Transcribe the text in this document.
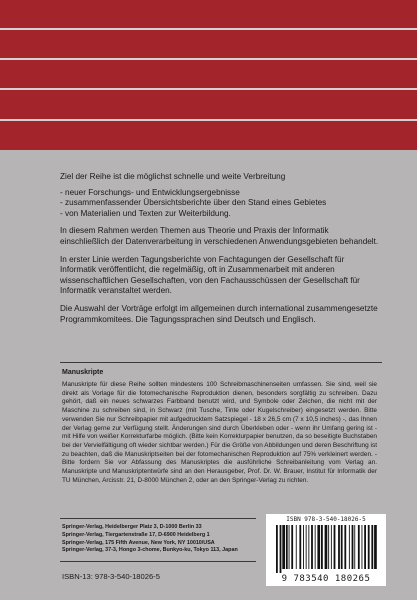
Ziel der Reihe ist die möglichst schnelle und weite Verbreitung

- neuer Forschungs- und Entwicklungsergebnisse

- zusammenfassender Übersichtsberichte über den Stand eines Gebietes

- von Materialien und Texten zur Weiterbildung.

In diesem Rahmen werden Themen aus Theorie und Praxis der Informatik einschließlich der Datenverarbeitung in verschiedenen Anwendungsgebieten behandelt.

In erster Linie werden Tagungsberichte von Fachtagungen der Gesellschaft für Informatik veröffentlicht, die regelmäßig, oft in Zusammenarbeit mit anderen wissenschaftlichen Gesellschaften, von den Fachausschüssen der Gesellschaft für Informatik veranstaltet werden.

Die Auswahl der Vorträge erfolgt im allgemeinen durch international zusammengesetzte Programmkomitees. Die Tagungssprachen sind Deutsch und Englisch.

Manuskripte
Manuskripte für diese Reihe sollten mindestens 100 Schreibmaschinenseiten umfassen. Sie sind, weil sie direkt als Vorlage für die fotomechanische Reproduktion dienen, besonders sorgfältig zu schreiben. Dazu gehört, daß ein neues schwarzes Farbband benutzt wird, und Symbole oder Zeichen, die nicht mit der Maschine zu schreiben sind, in Schwarz (mit Tusche, Tinte oder Kugelschreiber) eingesetzt werden. Bitte verwenden Sie nur Schreibpapier mit aufgedrucktem Satzspiegel - 18 x 26,5 cm (7 x 10,5 inches) -, das Ihnen der Verlag gerne zur Verfügung stellt. Änderungen sind durch Überkleben oder - wenn ihr Umfang gering ist - mit Hilfe von weißer Korrekturfarbe möglich. (Bitte kein Korrekturpapier benutzen, da so beseitigte Buchstaben bei der Vervielfältigung oft wieder sichtbar werden.) Für die Größe von Abbildungen und deren Beschriftung ist zu beachten, daß die Manuskriptseiten bei der fotomechanischen Reproduktion auf 75% verkleinert werden. - Bitte fordern Sie vor Abfassung des Manuskriptes die ausführliche Schreibanleitung vom Verlag an. Manuskripte und Manuskriptentwürfe sind an den Herausgeber, Prof. Dr. W. Brauer, Institut für Informatik der TU München, Arcisstr. 21, D-8000 München 2, oder an den Springer-Verlag zu richten.
Springer-Verlag, Heidelberger Platz 3, D-1000 Berlin 33
Springer-Verlag, Tiergartenstraße 17, D-6900 Heidelberg 1
Springer-Verlag, 175 Fifth Avenue, New York, NY 10010/USA
Springer-Verlag, 37-3, Hongo 3-chome, Bunkyo-ku, Tokyo 113, Japan
ISBN-13: 978-3-540-18026-5
ISBN 978-3-540-18026-5
9 783540 180265
